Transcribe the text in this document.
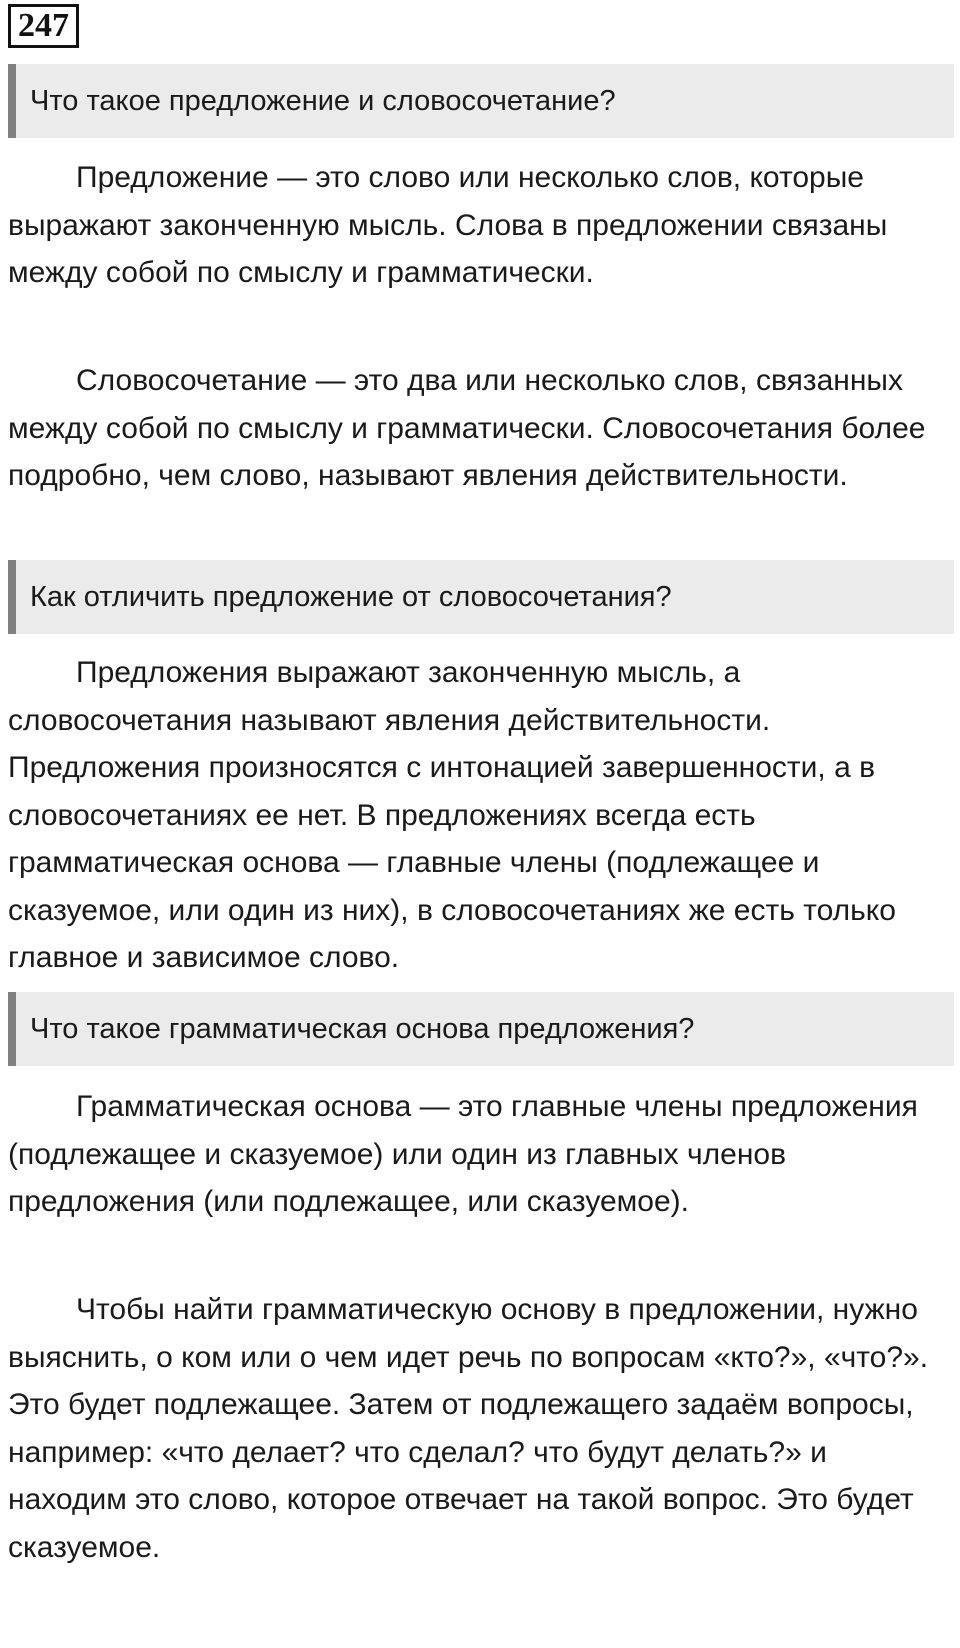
247
Что такое предложение и словосочетание?

Предложение — это слово или несколько слов, которые выражают законченную мысль. Слова в предложении связаны между собой по смыслу и грамматически.

Словосочетание — это два или несколько слов, связанных между собой по смыслу и грамматически. Словосочетания более подробно, чем слово, называют явления действительности.

Как отличить предложение от словосочетания?

Предложения выражают законченную мысль, а словосочетания называют явления действительности. Предложения произносятся с интонацией завершенности, а в словосочетаниях ее нет. В предложениях всегда есть грамматическая основа — главные члены (подлежащее и сказуемое, или один из них), в словосочетаниях же есть только главное и зависимое слово.

Что такое грамматическая основа предложения?

Грамматическая основа — это главные члены предложения (подлежащее и сказуемое) или один из главных членов предложения (или подлежащее, или сказуемое).

Чтобы найти грамматическую основу в предложении, нужно выяснить, о ком или о чем идет речь по вопросам «кто?», «что?». Это будет подлежащее. Затем от подлежащего задаём вопросы, например: «что делает? что сделал? что будут делать?» и находим это слово, которое отвечает на такой вопрос. Это будет сказуемое.
